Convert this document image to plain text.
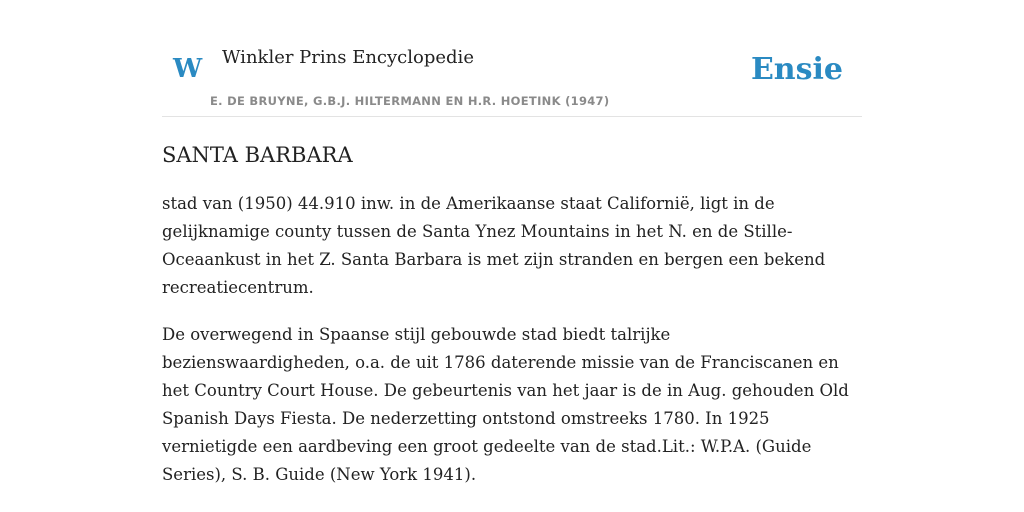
W Winkler Prins Encyclopedie
E. DE BRUYNE, G.B.J. HILTERMANN EN H.R. HOETINK (1947)
Ensie
SANTA BARBARA

stad van (1950) 44.910 inw. in de Amerikaanse staat Californië, ligt in de gelijknamige county tussen de Santa Ynez Mountains in het N. en de Stille-Oceaankust in het Z. Santa Barbara is met zijn stranden en bergen een bekend recreatiecentrum.

De overwegend in Spaanse stijl gebouwde stad biedt talrijke bezienswaardigheden, o.a. de uit 1786 daterende missie van de Franciscanen en het Country Court House. De gebeurtenis van het jaar is de in Aug. gehouden Old Spanish Days Fiesta. De nederzetting ontstond omstreeks 1780. In 1925 vernietigde een aardbeving een groot gedeelte van de stad.Lit.: W.P.A. (Guide Series), S. B. Guide (New York 1941).
